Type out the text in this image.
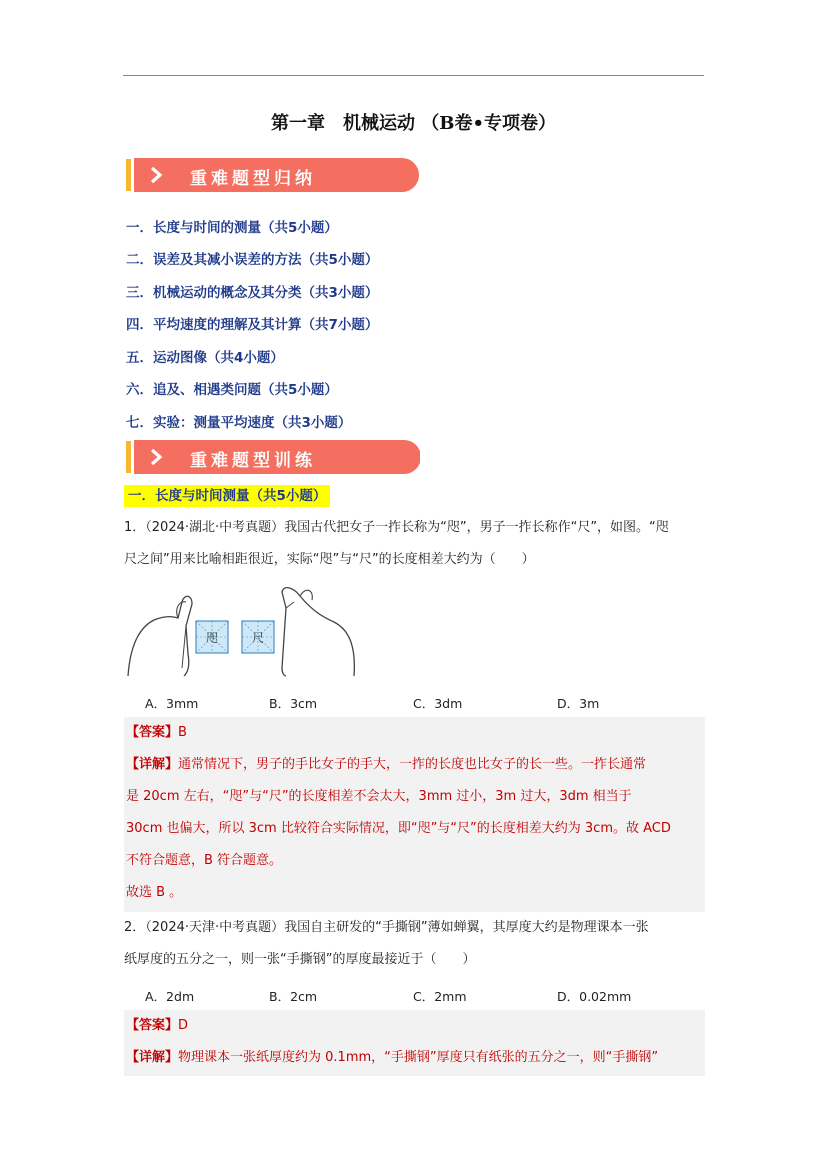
第一章　机械运动 （B卷•专项卷）
重难题型归纳
一．长度与时间的测量（共5小题）
二．误差及其减小误差的方法（共5小题）
三．机械运动的概念及其分类（共3小题）
四．平均速度的理解及其计算（共7小题）
五．运动图像（共4小题）
六．追及、相遇类问题（共5小题）
七．实验：测量平均速度（共3小题）
重难题型训练
一．长度与时间测量（共5小题）
1．（2024·湖北·中考真题）我国古代把女子一拃长称为“咫”，男子一拃长称作“尺”，如图。“咫
尺之间”用来比喻相距很近，实际“咫”与“尺”的长度相差大约为（　　）
咫	尺
A．3mm	B．3cm	C．3dm	D．3m
【答案】B
【详解】通常情况下，男子的手比女子的手大，一拃的长度也比女子的长一些。一拃长通常
是 20cm 左右，“咫”与“尺”的长度相差不会太大，3mm 过小，3m 过大，3dm 相当于
30cm 也偏大，所以 3cm 比较符合实际情况，即“咫”与“尺”的长度相差大约为 3cm。故 ACD
不符合题意，B 符合题意。
故选 B 。
2．（2024·天津·中考真题）我国自主研发的“手撕钢”薄如蝉翼，其厚度大约是物理课本一张
纸厚度的五分之一，则一张“手撕钢”的厚度最接近于（　　）
A．2dm	B．2cm	C．2mm	D．0.02mm
【答案】D
【详解】物理课本一张纸厚度约为 0.1mm，“手撕钢”厚度只有纸张的五分之一，则“手撕钢”
